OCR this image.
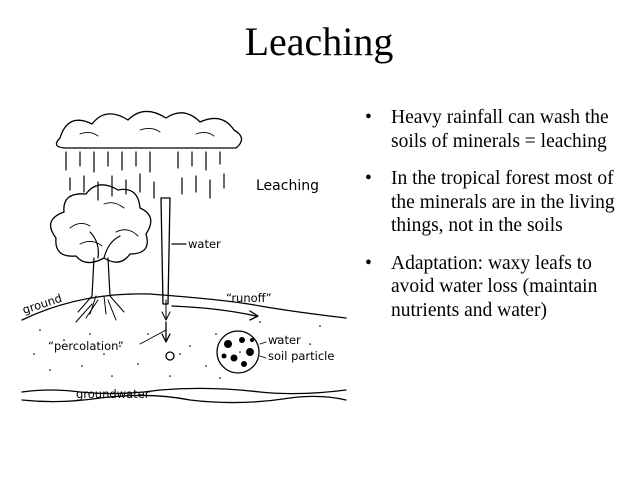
Leaching
• Heavy rainfall can wash the soils of minerals = leaching
• In the tropical forest most of the minerals are in the living things, not in the soils
• Adaptation: waxy leafs to avoid water loss (maintain nutrients and water)
Leaching
water
ground	“runoff”
“percolation”	water
soil particle
groundwater
